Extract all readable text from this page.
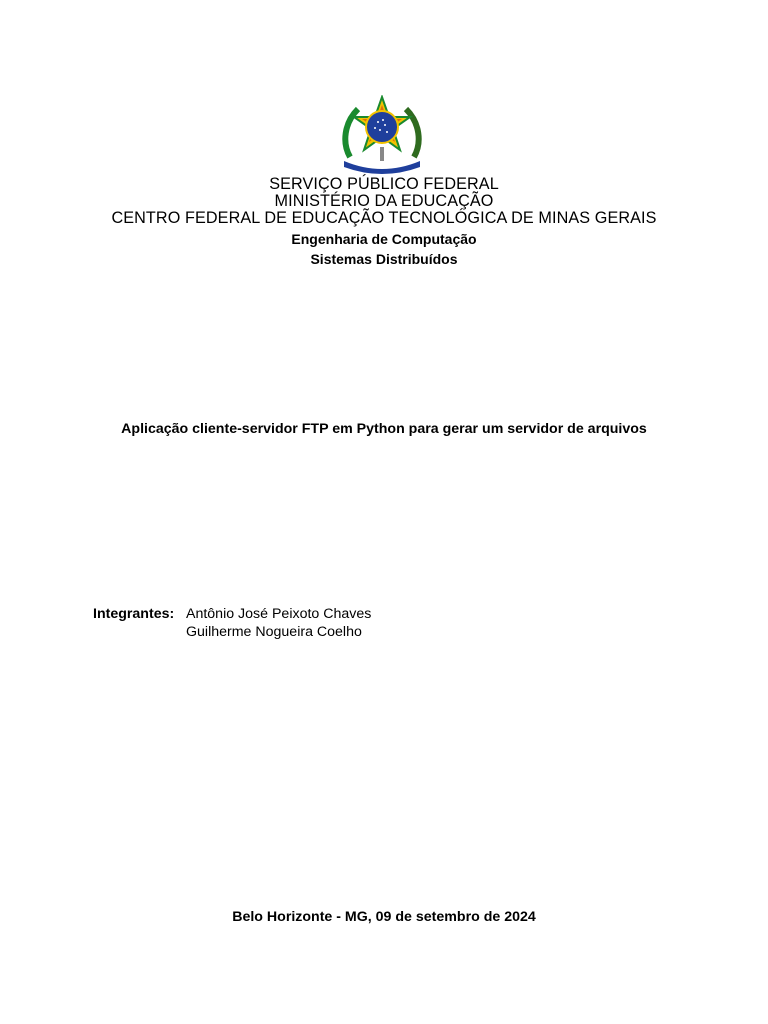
SERVIÇO PÚBLICO FEDERAL
MINISTÉRIO DA EDUCAÇÃO
CENTRO FEDERAL DE EDUCAÇÃO TECNOLÓGICA DE MINAS GERAIS
Engenharia de Computação
Sistemas Distribuídos
Aplicação cliente-servidor FTP em Python para gerar um servidor de arquivos
Integrantes: Antônio José Peixoto Chaves
Guilherme Nogueira Coelho
Belo Horizonte - MG, 09 de setembro de 2024
